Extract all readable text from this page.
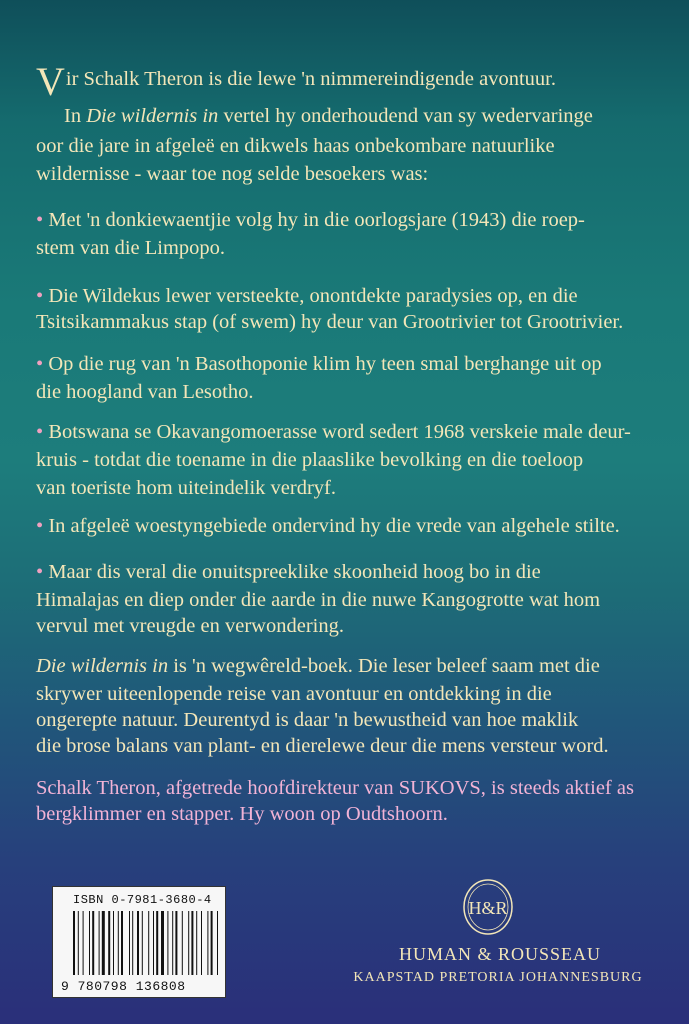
Vir Schalk Theron is die lewe 'n nimmereindigende avontuur.
In Die wildernis in vertel hy onderhoudend van sy wedervaringe
oor die jare in afgeleë en dikwels haas onbekombare natuurlike
wildernisse - waar toe nog selde besoekers was:
• Met 'n donkiewaentjie volg hy in die oorlogsjare (1943) die roep-
stem van die Limpopo.
• Die Wildekus lewer versteekte, onontdekte paradysies op, en die
Tsitsikammakus stap (of swem) hy deur van Grootrivier tot Grootrivier.
• Op die rug van 'n Basothoponie klim hy teen smal berghange uit op
die hoogland van Lesotho.
• Botswana se Okavangomoerasse word sedert 1968 verskeie male deur-
kruis - totdat die toename in die plaaslike bevolking en die toeloop
van toeriste hom uiteindelik verdryf.
• In afgeleë woestyngebiede ondervind hy die vrede van algehele stilte.
• Maar dis veral die onuitspreeklike skoonheid hoog bo in die
Himalajas en diep onder die aarde in die nuwe Kangogrotte wat hom
vervul met vreugde en verwondering.
Die wildernis in is 'n wegwêreld-boek. Die leser beleef saam met die
skrywer uiteenlopende reise van avontuur en ontdekking in die
ongerepte natuur. Deurentyd is daar 'n bewustheid van hoe maklik
die brose balans van plant- en dierelewe deur die mens versteur word.
Schalk Theron, afgetrede hoofdirekteur van SUKOVS, is steeds aktief as
bergklimmer en stapper. Hy woon op Oudtshoorn.
ISBN 0-7981-3680-4
9 780798 136808
H&R
HUMAN & ROUSSEAU
KAAPSTAD PRETORIA JOHANNESBURG
